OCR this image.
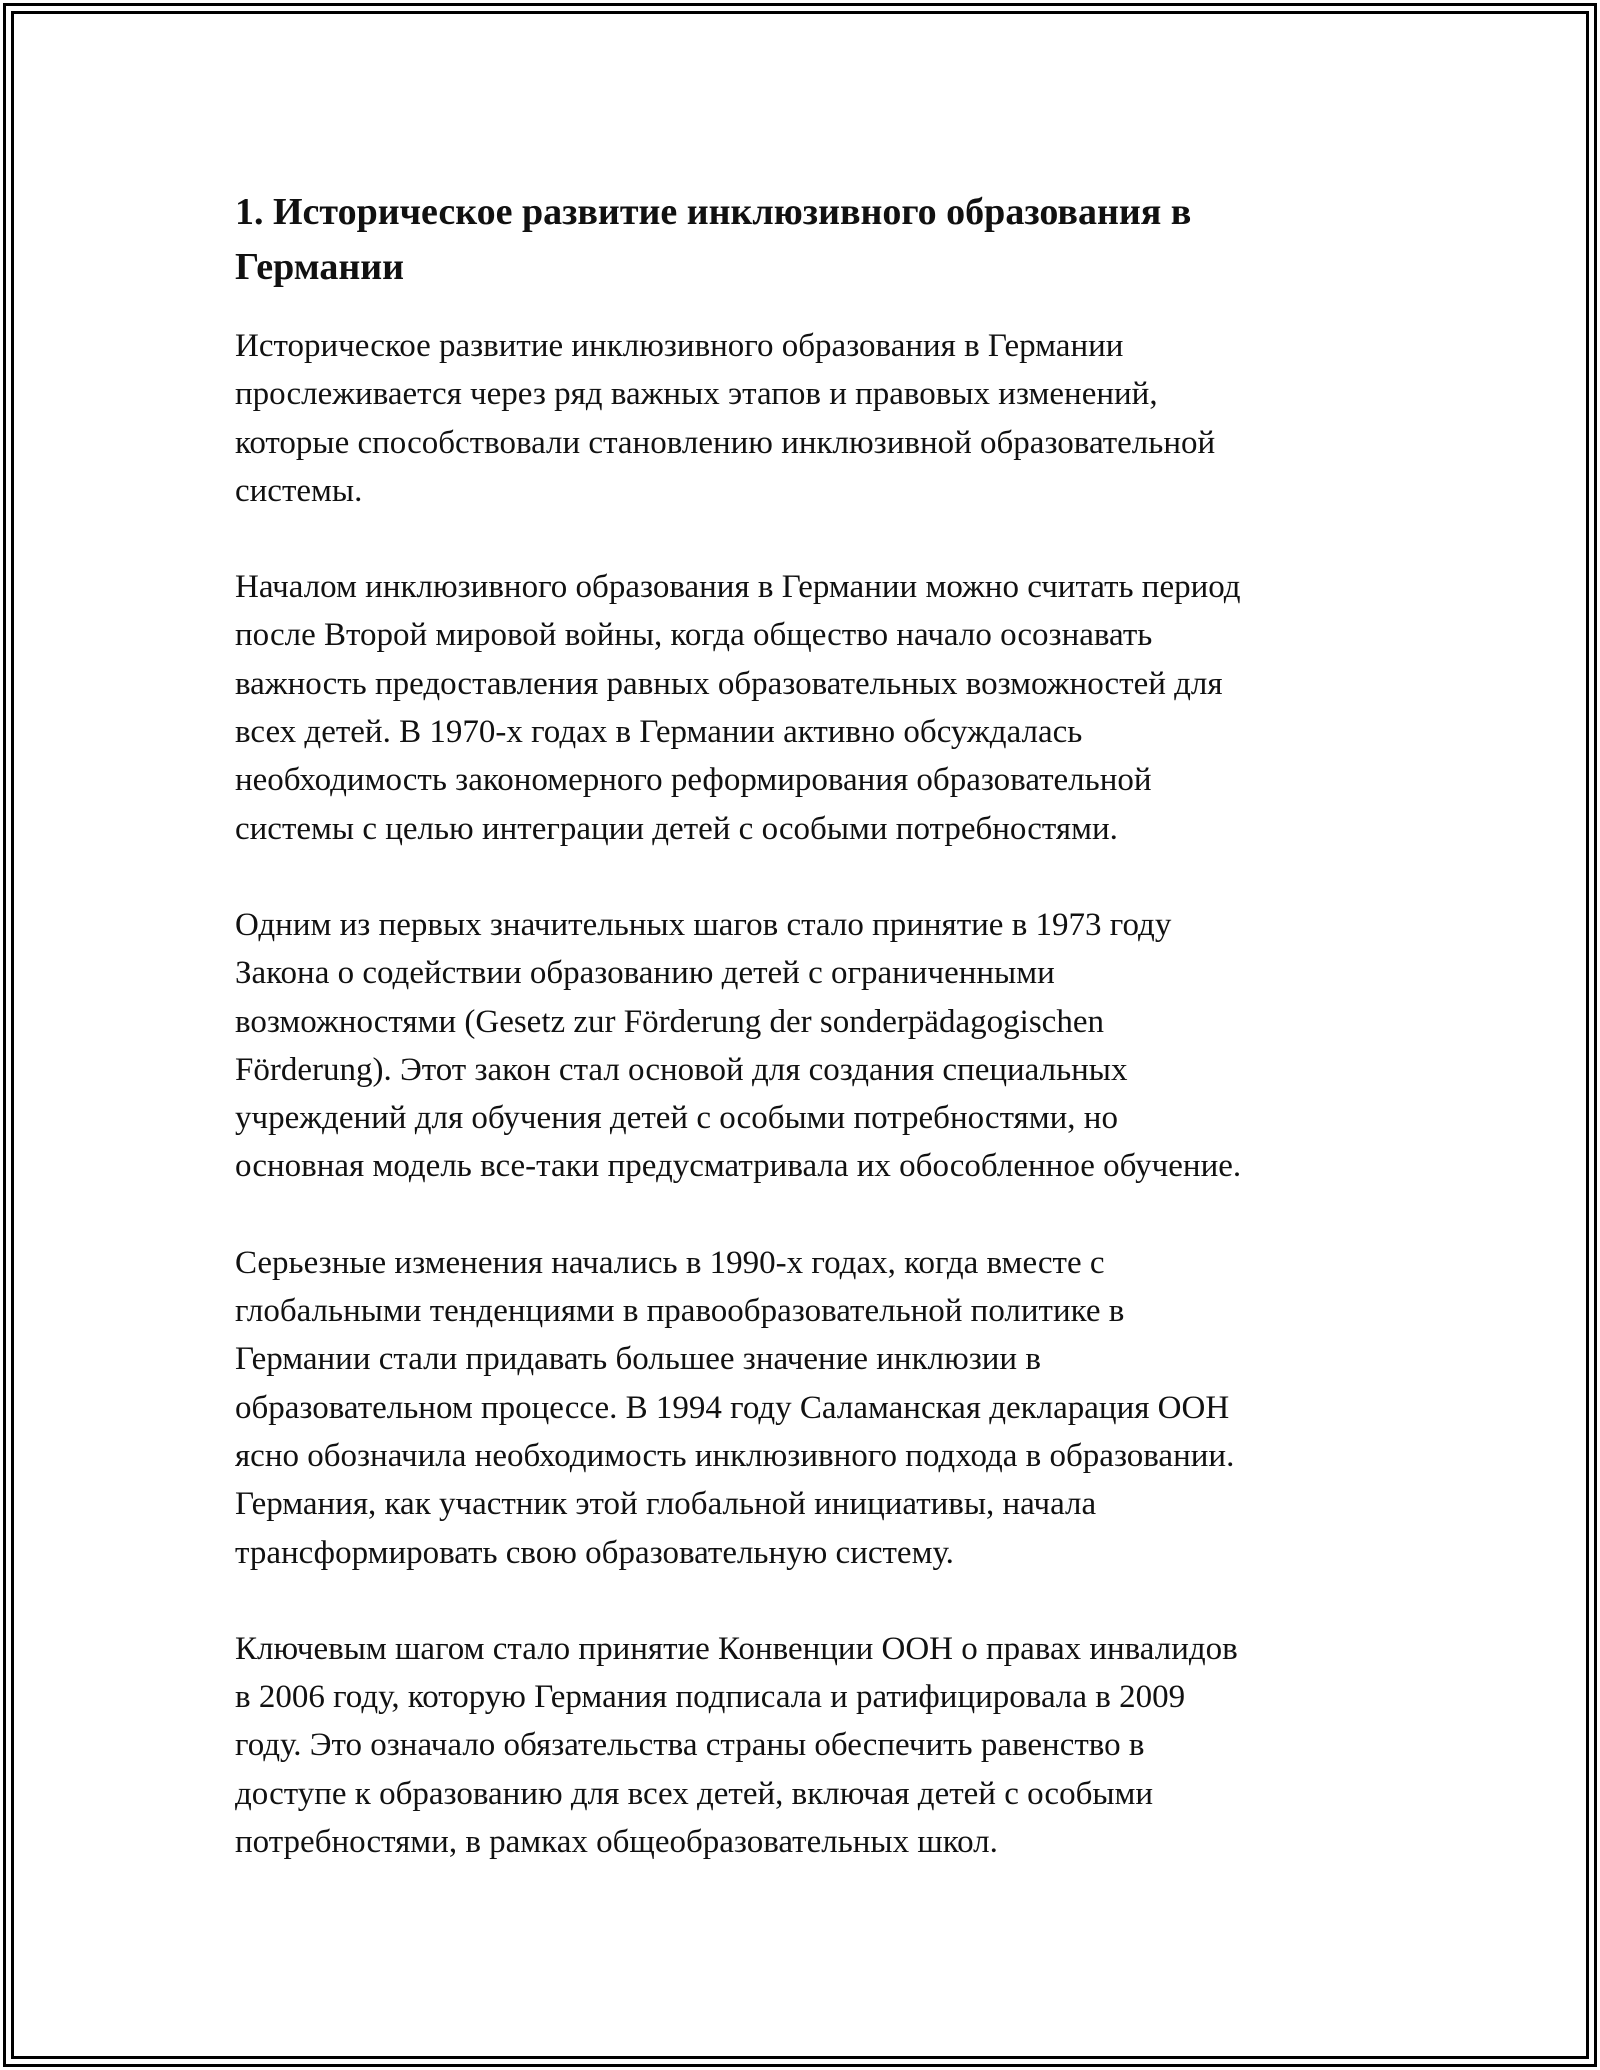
1. Историческое развитие инклюзивного образования в
Германии

Историческое развитие инклюзивного образования в Германии
прослеживается через ряд важных этапов и правовых изменений,
которые способствовали становлению инклюзивной образовательной
системы.

Началом инклюзивного образования в Германии можно считать период
после Второй мировой войны, когда общество начало осознавать
важность предоставления равных образовательных возможностей для
всех детей. В 1970-х годах в Германии активно обсуждалась
необходимость закономерного реформирования образовательной
системы с целью интеграции детей с особыми потребностями.

Одним из первых значительных шагов стало принятие в 1973 году
Закона о содействии образованию детей с ограниченными
возможностями (Gesetz zur Förderung der sonderpädagogischen
Förderung). Этот закон стал основой для создания специальных
учреждений для обучения детей с особыми потребностями, но
основная модель все-таки предусматривала их обособленное обучение.

Серьезные изменения начались в 1990-х годах, когда вместе с
глобальными тенденциями в правообразовательной политике в
Германии стали придавать большее значение инклюзии в
образовательном процессе. В 1994 году Саламанская декларация ООН
ясно обозначила необходимость инклюзивного подхода в образовании.
Германия, как участник этой глобальной инициативы, начала
трансформировать свою образовательную систему.

Ключевым шагом стало принятие Конвенции ООН о правах инвалидов
в 2006 году, которую Германия подписала и ратифицировала в 2009
году. Это означало обязательства страны обеспечить равенство в
доступе к образованию для всех детей, включая детей с особыми
потребностями, в рамках общеобразовательных школ.
